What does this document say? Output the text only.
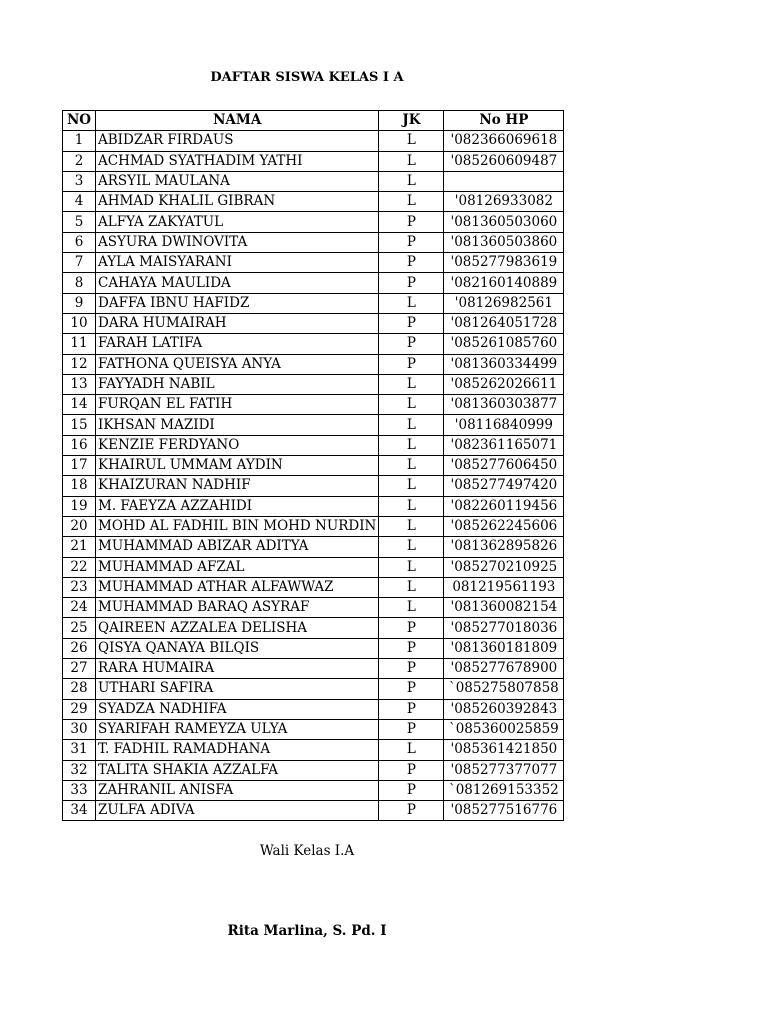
DAFTAR SISWA KELAS I A
NO	NAMA	JK	No HP
1	ABIDZAR FIRDAUS	L	'082366069618
2	ACHMAD SYATHADIM YATHI	L	'085260609487
3	ARSYIL MAULANA	L	
4	AHMAD KHALIL GIBRAN	L	'08126933082
5	ALFYA ZAKYATUL	P	'081360503060
6	ASYURA DWINOVITA	P	'081360503860
7	AYLA MAISYARANI	P	'085277983619
8	CAHAYA MAULIDA	P	'082160140889
9	DAFFA IBNU HAFIDZ	L	'08126982561
10	DARA HUMAIRAH	P	'081264051728
11	FARAH LATIFA	P	'085261085760
12	FATHONA QUEISYA ANYA	P	'081360334499
13	FAYYADH NABIL	L	'085262026611
14	FURQAN EL FATIH	L	'081360303877
15	IKHSAN MAZIDI	L	'08116840999
16	KENZIE FERDYANO	L	'082361165071
17	KHAIRUL UMMAM AYDIN	L	'085277606450
18	KHAIZURAN NADHIF	L	'085277497420
19	M. FAEYZA AZZAHIDI	L	'082260119456
20	MOHD AL FADHIL BIN MOHD NURDIN	L	'085262245606
21	MUHAMMAD ABIZAR ADITYA	L	'081362895826
22	MUHAMMAD AFZAL	L	'085270210925
23	MUHAMMAD ATHAR ALFAWWAZ	L	081219561193
24	MUHAMMAD BARAQ ASYRAF	L	'081360082154
25	QAIREEN AZZALEA DELISHA	P	'085277018036
26	QISYA QANAYA BILQIS	P	'081360181809
27	RARA HUMAIRA	P	'085277678900
28	UTHARI SAFIRA	P	`085275807858
29	SYADZA NADHIFA	P	'085260392843
30	SYARIFAH RAMEYZA ULYA	P	`085360025859
31	T. FADHIL RAMADHANA	L	'085361421850
32	TALITA SHAKIA AZZALFA	P	'085277377077
33	ZAHRANIL ANISFA	P	`081269153352
34	ZULFA ADIVA	P	'085277516776
Wali Kelas I.A
Rita Marlina, S. Pd. I
